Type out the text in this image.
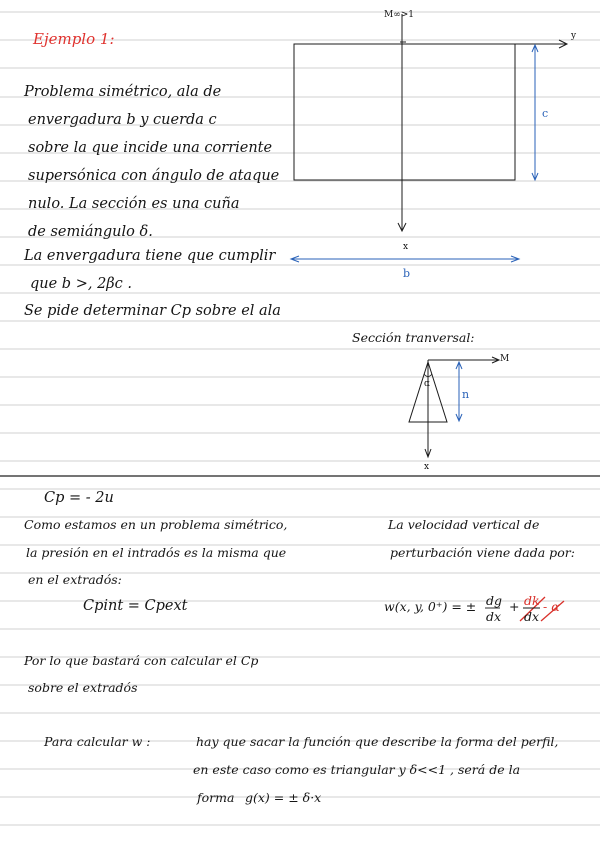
Ejemplo 1:

Problema simétrico, ala de

envergadura b y cuerda c

sobre la que incide una corriente

supersónica con ángulo de ataque

nulo. La sección es una cuña

de semiángulo δ.

La envergadura tiene que cumplir

que b >, 2βc .

Se pide determinar Cp sobre el ala

M∞>1

y

x

c

b

Sección tranversal:

M

α

n

x

Cp = - 2u

Como estamos en un problema simétrico,

la presión en el intradós es la misma que

en el extradós:

Cpint = Cpext

La velocidad vertical de

perturbación viene dada por:

w(x, y, 0⁺) = ± dg

dx

+ dk

dx

- α

Por lo que bastará con calcular el Cp

sobre el extradós

Para calcular w :	hay que sacar la función que describe la forma del perfil,

en este caso como es triangular y δ<<1 , será de la

forma g(x) = ± δ·x
